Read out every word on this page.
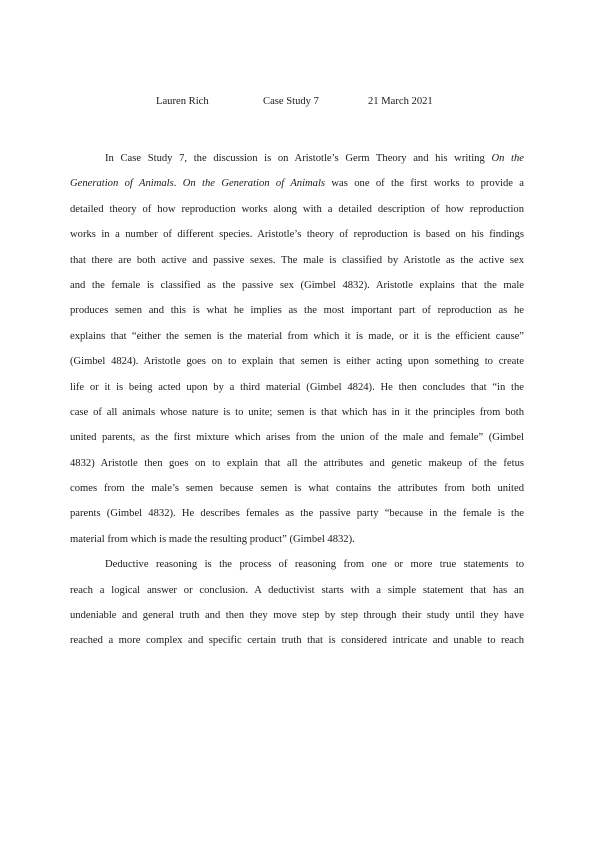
Lauren Rich	Case Study 7	21 March 2021
In Case Study 7, the discussion is on Aristotle’s Germ Theory and his writing On the
Generation of Animals. On the Generation of Animals was one of the first works to provide a
detailed theory of how reproduction works along with a detailed description of how reproduction
works in a number of different species. Aristotle’s theory of reproduction is based on his findings
that there are both active and passive sexes. The male is classified by Aristotle as the active sex
and the female is classified as the passive sex (Gimbel 4832). Aristotle explains that the male
produces semen and this is what he implies as the most important part of reproduction as he
explains that “either the semen is the material from which it is made, or it is the efficient cause”
(Gimbel 4824). Aristotle goes on to explain that semen is either acting upon something to create
life or it is being acted upon by a third material (Gimbel 4824). He then concludes that “in the
case of all animals whose nature is to unite; semen is that which has in it the principles from both
united parents, as the first mixture which arises from the union of the male and female” (Gimbel
4832) Aristotle then goes on to explain that all the attributes and genetic makeup of the fetus
comes from the male’s semen because semen is what contains the attributes from both united
parents (Gimbel 4832). He describes females as the passive party “because in the female is the
material from which is made the resulting product” (Gimbel 4832).
Deductive reasoning is the process of reasoning from one or more true statements to
reach a logical answer or conclusion. A deductivist starts with a simple statement that has an
undeniable and general truth and then they move step by step through their study until they have
reached a more complex and specific certain truth that is considered intricate and unable to reach
